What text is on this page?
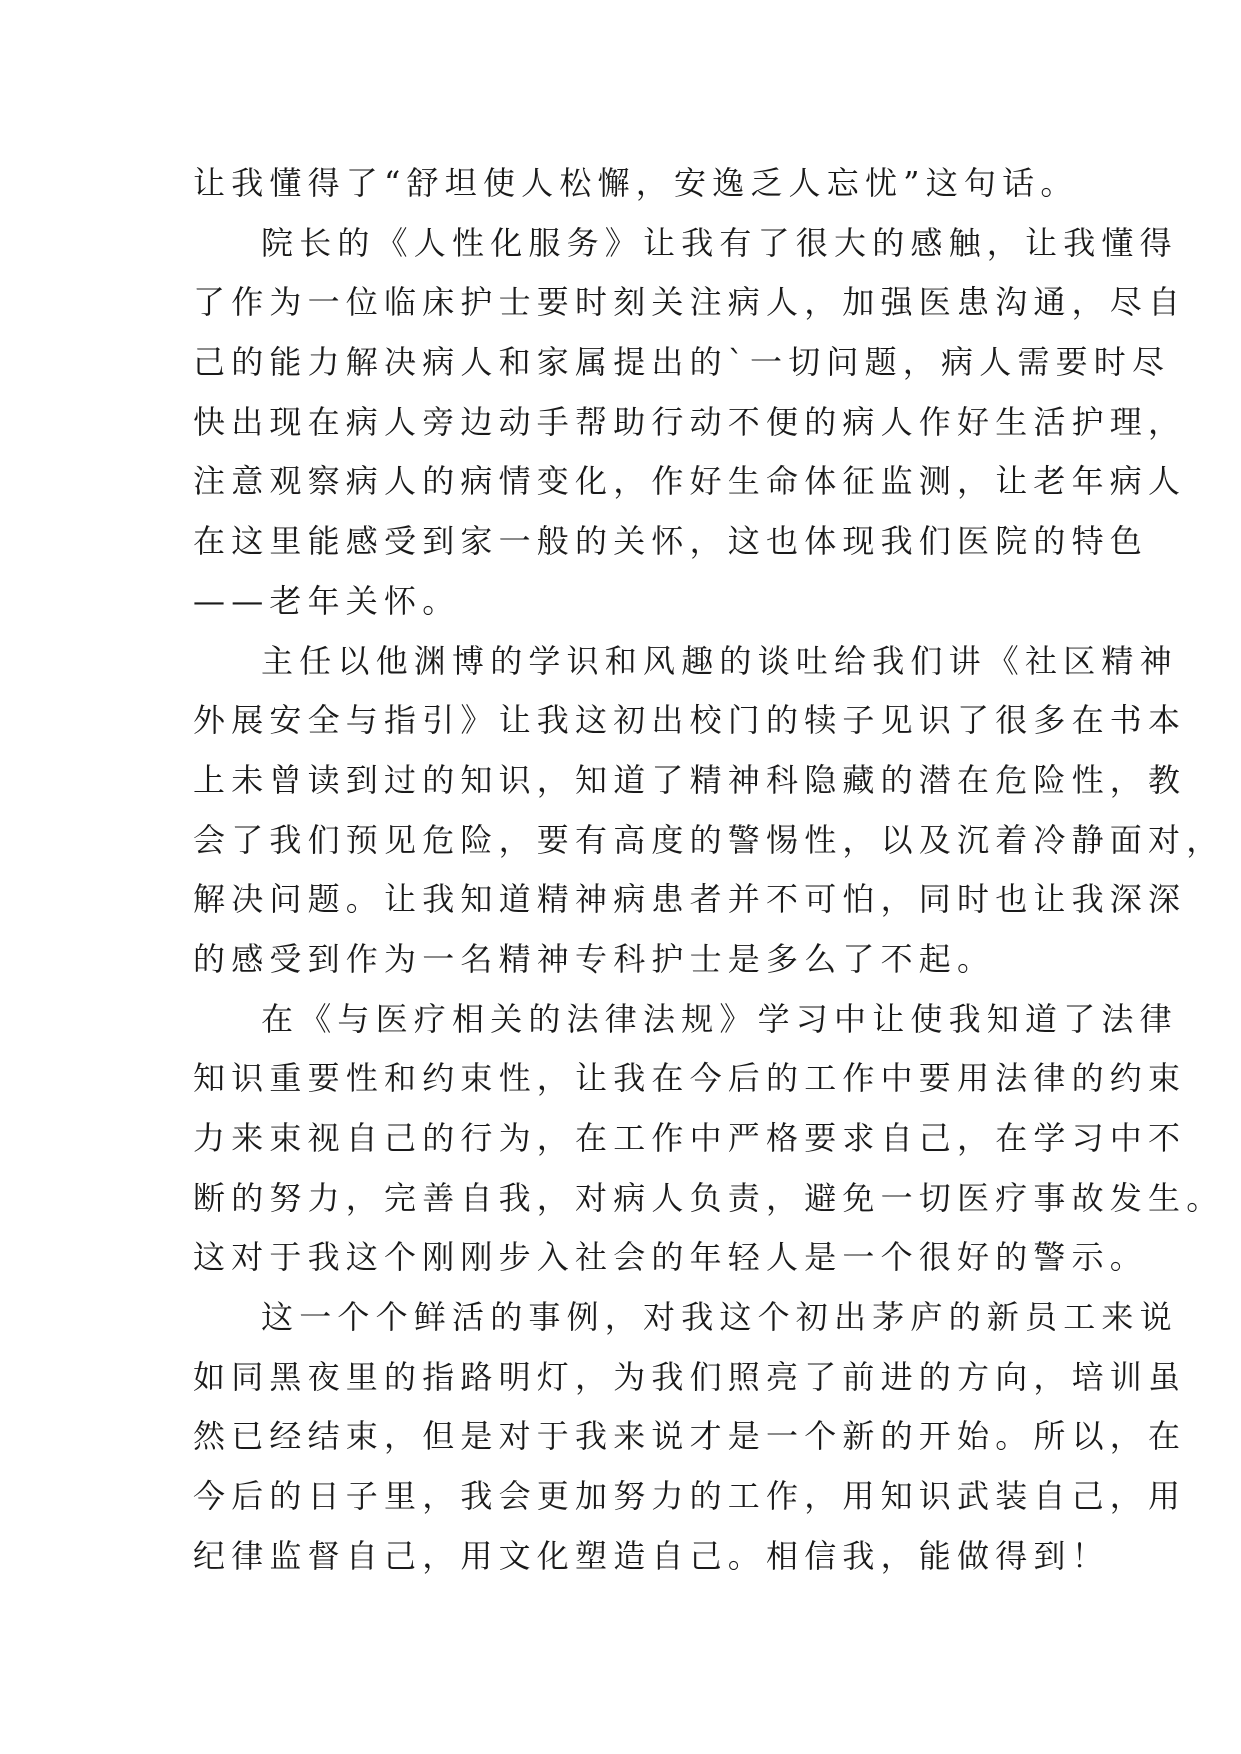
让我懂得了“舒坦使人松懈，安逸乏人忘忧”这句话。
院长的《人性化服务》让我有了很大的感触，让我懂得
了作为一位临床护士要时刻关注病人，加强医患沟通，尽自
己的能力解决病人和家属提出的`一切问题，病人需要时尽
快出现在病人旁边动手帮助行动不便的病人作好生活护理，
注意观察病人的病情变化，作好生命体征监测，让老年病人
在这里能感受到家一般的关怀，这也体现我们医院的特色
——老年关怀。
主任以他渊博的学识和风趣的谈吐给我们讲《社区精神
外展安全与指引》让我这初出校门的犊子见识了很多在书本
上未曾读到过的知识，知道了精神科隐藏的潜在危险性，教
会了我们预见危险，要有高度的警惕性，以及沉着冷静面对，
解决问题。让我知道精神病患者并不可怕，同时也让我深深
的感受到作为一名精神专科护士是多么了不起。
在《与医疗相关的法律法规》学习中让使我知道了法律
知识重要性和约束性，让我在今后的工作中要用法律的约束
力来束视自己的行为，在工作中严格要求自己，在学习中不
断的努力，完善自我，对病人负责，避免一切医疗事故发生。
这对于我这个刚刚步入社会的年轻人是一个很好的警示。
这一个个鲜活的事例，对我这个初出茅庐的新员工来说
如同黑夜里的指路明灯，为我们照亮了前进的方向，培训虽
然已经结束，但是对于我来说才是一个新的开始。所以，在
今后的日子里，我会更加努力的工作，用知识武装自己，用
纪律监督自己，用文化塑造自己。相信我，能做得到！
